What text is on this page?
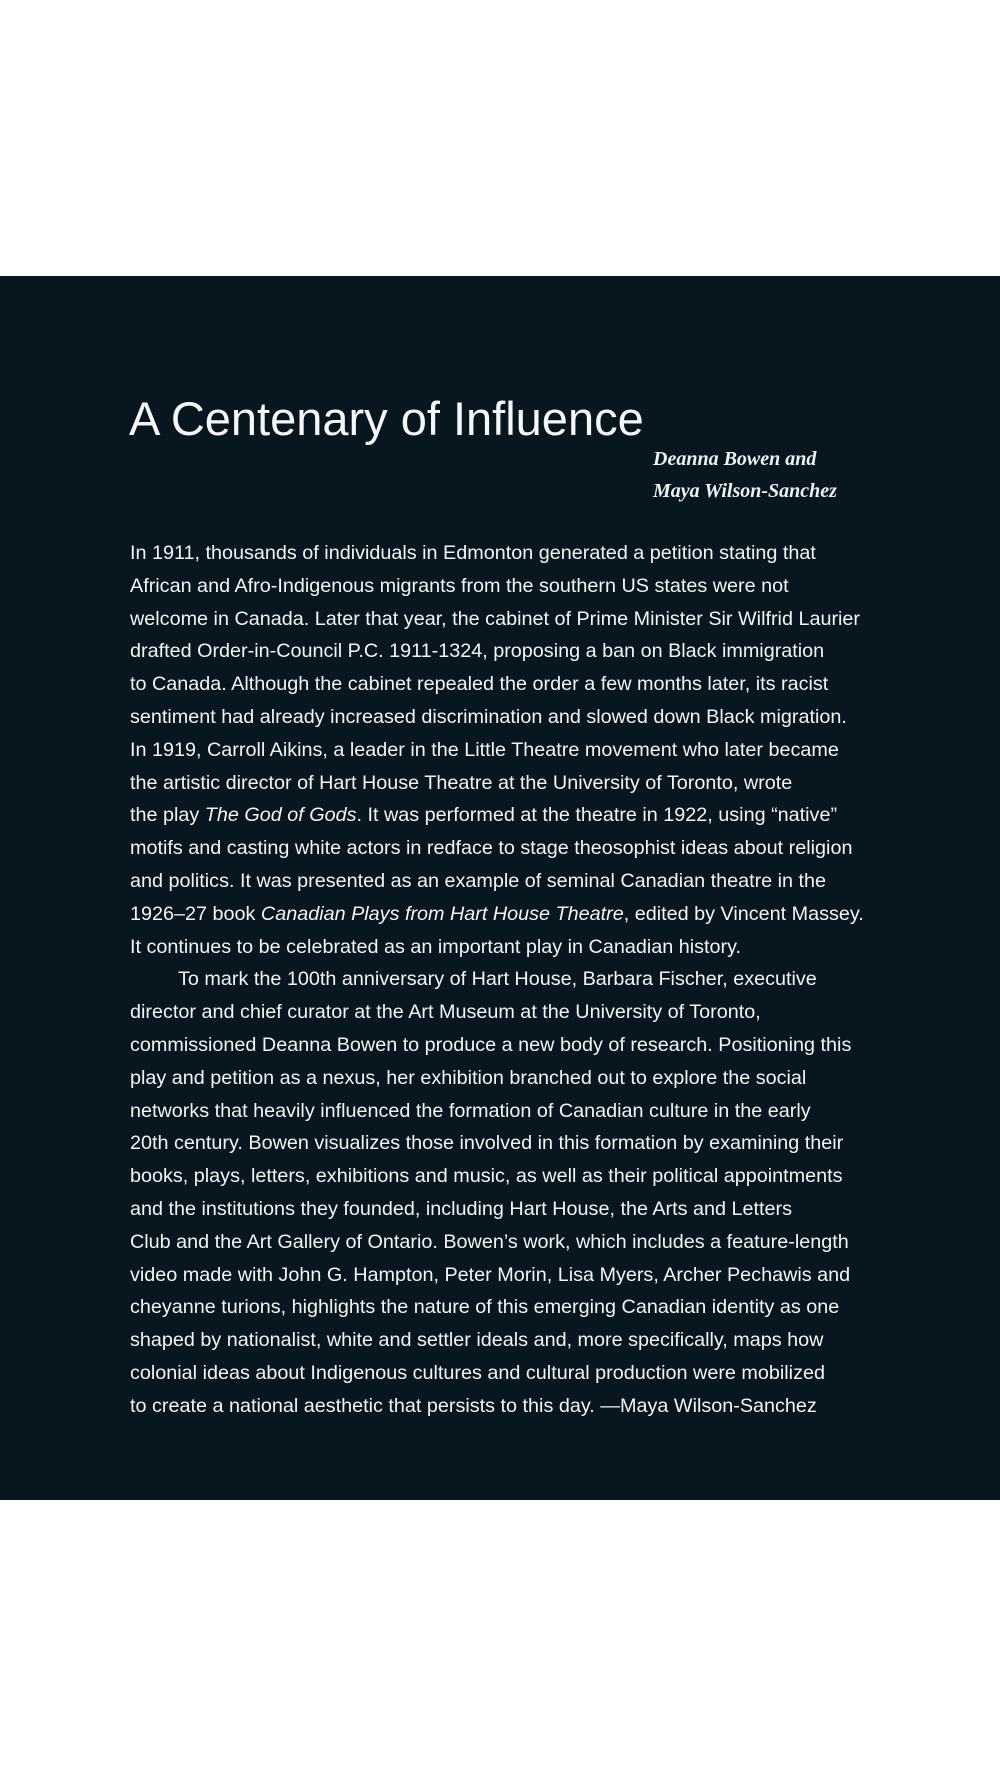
A Centenary of Influence
Deanna Bowen and
Maya Wilson-Sanchez
In 1911, thousands of individuals in Edmonton generated a petition stating that
African and Afro-Indigenous migrants from the southern US states were not
welcome in Canada. Later that year, the cabinet of Prime Minister Sir Wilfrid Laurier
drafted Order-in-Council P.C. 1911-1324, proposing a ban on Black immigration
to Canada. Although the cabinet repealed the order a few months later, its racist
sentiment had already increased discrimination and slowed down Black migration.
In 1919, Carroll Aikins, a leader in the Little Theatre movement who later became
the artistic director of Hart House Theatre at the University of Toronto, wrote
the play The God of Gods. It was performed at the theatre in 1922, using “native”
motifs and casting white actors in redface to stage theosophist ideas about religion
and politics. It was presented as an example of seminal Canadian theatre in the
1926–27 book Canadian Plays from Hart House Theatre, edited by Vincent Massey.
It continues to be celebrated as an important play in Canadian history.
To mark the 100th anniversary of Hart House, Barbara Fischer, executive
director and chief curator at the Art Museum at the University of Toronto,
commissioned Deanna Bowen to produce a new body of research. Positioning this
play and petition as a nexus, her exhibition branched out to explore the social
networks that heavily influenced the formation of Canadian culture in the early
20th century. Bowen visualizes those involved in this formation by examining their
books, plays, letters, exhibitions and music, as well as their political appointments
and the institutions they founded, including Hart House, the Arts and Letters
Club and the Art Gallery of Ontario. Bowen’s work, which includes a feature-length
video made with John G. Hampton, Peter Morin, Lisa Myers, Archer Pechawis and
cheyanne turions, highlights the nature of this emerging Canadian identity as one
shaped by nationalist, white and settler ideals and, more specifically, maps how
colonial ideas about Indigenous cultures and cultural production were mobilized
to create a national aesthetic that persists to this day. —Maya Wilson-Sanchez
